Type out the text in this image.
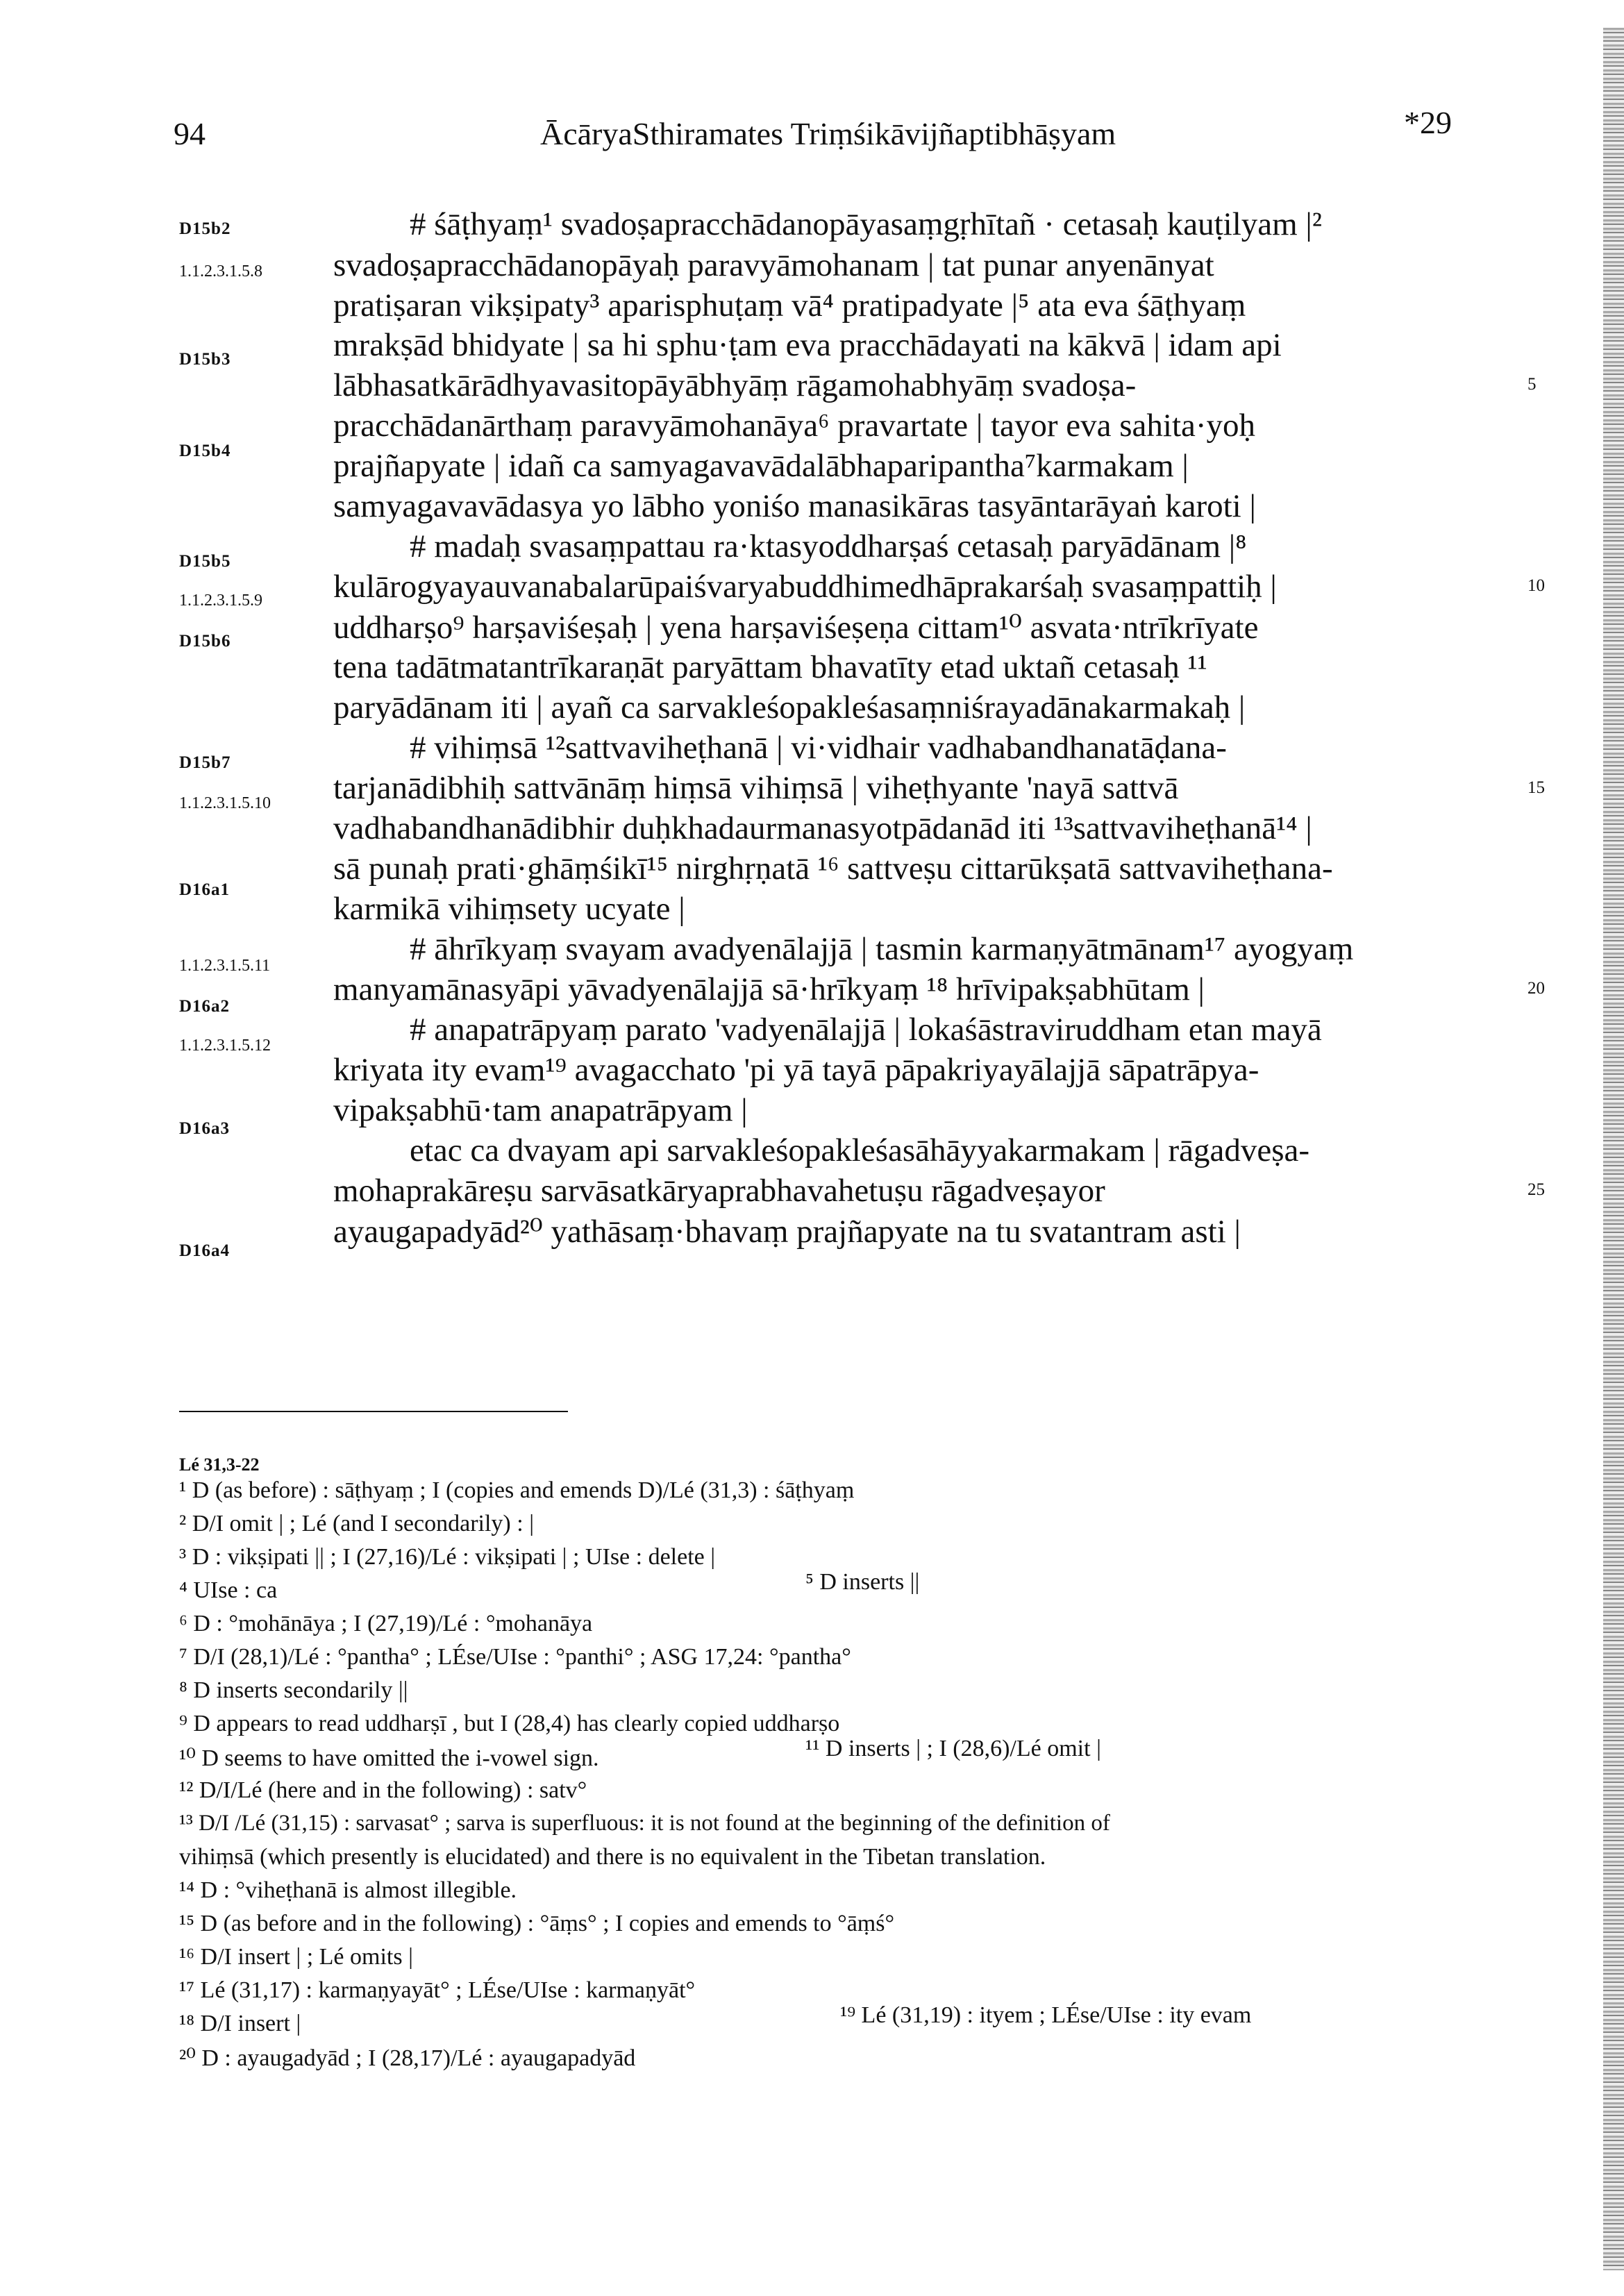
94	ĀcāryaSthiramates Triṃśikāvijñaptibhāṣyam	*29
D15b2
1.1.2.3.1.5.8
D15b3
D15b4
D15b5
1.1.2.3.1.5.9
D15b6
D15b7
1.1.2.3.1.5.10
D16a1
1.1.2.3.1.5.11
D16a2
1.1.2.3.1.5.12
D16a3
D16a4
5
10
15
20
25
# śāṭhyaṃ¹ svadoṣapracchādanopāyasaṃgṛhītañ · cetasaḥ kauṭilyam |²
svadoṣapracchādanopāyaḥ paravyāmohanam | tat punar anyenānyat
pratiṣaran vikṣipaty³ aparisphuṭaṃ vā⁴ pratipadyate |⁵ ata eva śāṭhyaṃ
mrakṣād bhidyate | sa hi sphu·ṭam eva pracchādayati na kākvā | idam api
lābhasatkārādhyavasitopāyābhyāṃ rāgamohabhyāṃ svadoṣa-
pracchādanārthaṃ paravyāmohanāya⁶ pravartate | tayor eva sahita·yoḥ
prajñapyate | idañ ca samyagavavādalābhaparipantha⁷karmakam |
samyagavavādasya yo lābho yoniśo manasikāras tasyāntarāyaṅ karoti |
# madaḥ svasaṃpattau ra·ktasyoddharṣaś cetasaḥ paryādānam |⁸
kulārogyayauvanabalarūpaiśvaryabuddhimedhāprakarśaḥ svasaṃpattiḥ |
uddharṣo⁹ harṣaviśeṣaḥ | yena harṣaviśeṣeṇa cittam¹⁰ asvata·ntrīkrīyate
tena tadātmatantrīkaraṇāt paryāttam bhavatīty etad uktañ cetasaḥ ¹¹
paryādānam iti | ayañ ca sarvakleśopakleśasaṃniśrayadānakarmakaḥ |
# vihiṃsā ¹²sattvaviheṭhanā | vi·vidhair vadhabandhanatāḍana-
tarjanādibhiḥ sattvānāṃ hiṃsā vihiṃsā | viheṭhyante 'nayā sattvā
vadhabandhanādibhir duḥkhadaurmanasyotpādanād iti ¹³sattvaviheṭhanā¹⁴ |
sā punaḥ prati·ghāṃśikī¹⁵ nirghṛṇatā ¹⁶ sattveṣu cittarūkṣatā sattvaviheṭhana-
karmikā vihiṃsety ucyate |
# āhrīkyaṃ svayam avadyenālajjā | tasmin karmaṇyātmānam¹⁷ ayogyaṃ
manyamānasyāpi yāvadyenālajjā sā·hrīkyaṃ ¹⁸ hrīvipakṣabhūtam |
# anapatrāpyaṃ parato 'vadyenālajjā | lokaśāstraviruddham etan mayā
kriyata ity evam¹⁹ avagacchato 'pi yā tayā pāpakriyayālajjā sāpatrāpya-
vipakṣabhū·tam anapatrāpyam |
etac ca dvayam api sarvakleśopakleśasāhāyyakarmakam | rāgadveṣa-
mohaprakāreṣu sarvāsatkāryaprabhavahetuṣu rāgadveṣayor
ayaugapadyād²⁰ yathāsaṃ·bhavaṃ prajñapyate na tu svatantram asti |
Lé 31,3-22
¹ D (as before) : sāṭhyaṃ ; I (copies and emends D)/Lé (31,3) : śāṭhyaṃ
² D/I omit | ; Lé (and I secondarily) : |
³ D : vikṣipati || ; I (27,16)/Lé : vikṣipati | ; UIse : delete |
⁴ UIse : ca	⁵ D inserts ||
⁶ D : °mohānāya ; I (27,19)/Lé : °mohanāya
⁷ D/I (28,1)/Lé : °pantha° ; LÉse/UIse : °panthi° ; ASG 17,24: °pantha°
⁸ D inserts secondarily ||
⁹ D appears to read uddharṣī , but I (28,4) has clearly copied uddharṣo
¹⁰ D seems to have omitted the i-vowel sign.	¹¹ D inserts | ; I (28,6)/Lé omit |
¹² D/I/Lé (here and in the following) : satv°
¹³ D/I /Lé (31,15) : sarvasat° ; sarva is superfluous: it is not found at the beginning of the definition of
vihiṃsā (which presently is elucidated) and there is no equivalent in the Tibetan translation.
¹⁴ D : °viheṭhanā is almost illegible.
¹⁵ D (as before and in the following) : °āṃs° ; I copies and emends to °āṃś°
¹⁶ D/I insert | ; Lé omits |
¹⁷ Lé (31,17) : karmaṇyayāt° ; LÉse/UIse : karmaṇyāt°
¹⁸ D/I insert |	¹⁹ Lé (31,19) : ityem ; LÉse/UIse : ity evam
²⁰ D : ayaugadyād ; I (28,17)/Lé : ayaugapadyād
